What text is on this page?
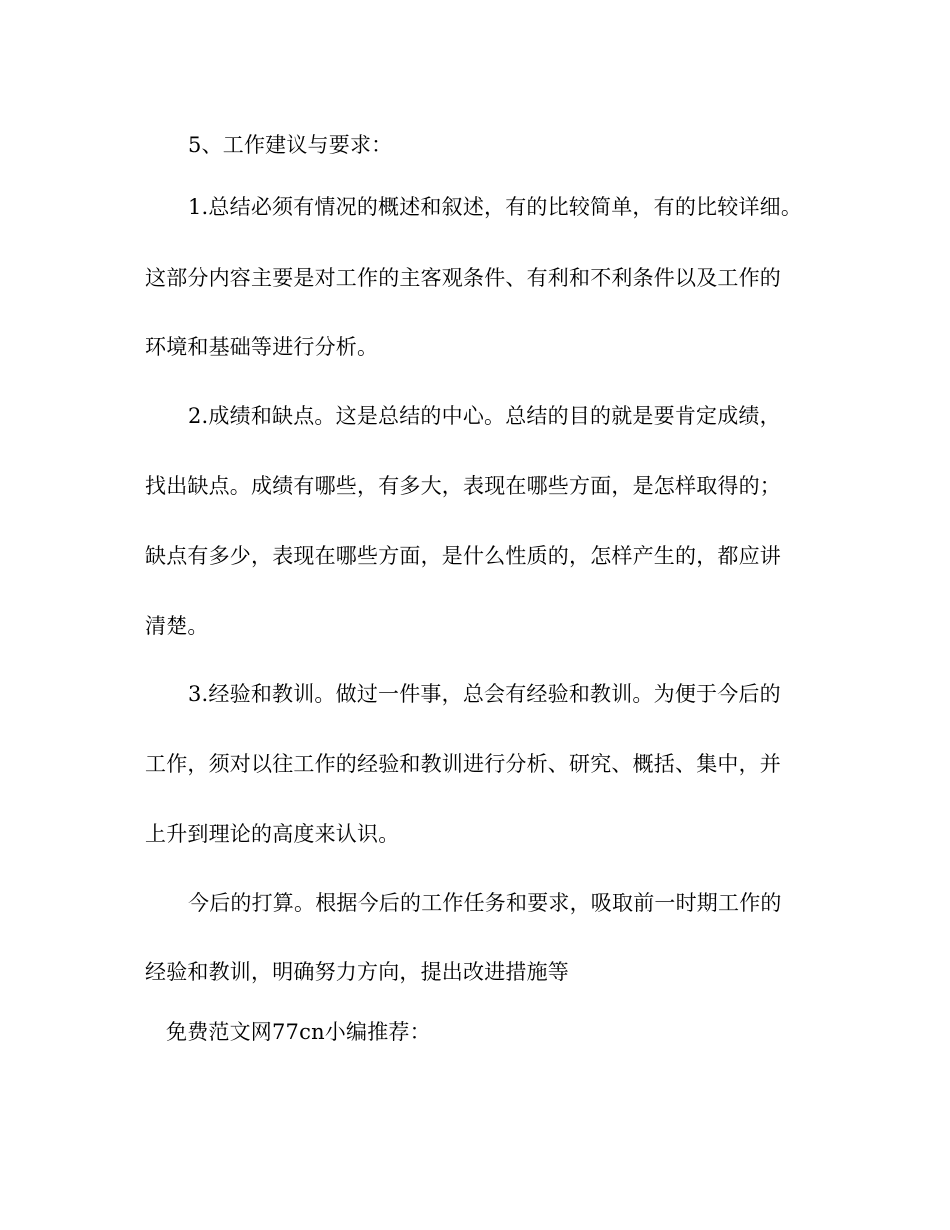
5、工作建议与要求：
1.总结必须有情况的概述和叙述，有的比较简单，有的比较详细。
这部分内容主要是对工作的主客观条件、有利和不利条件以及工作的
环境和基础等进行分析。
2.成绩和缺点。这是总结的中心。总结的目的就是要肯定成绩，
找出缺点。成绩有哪些，有多大，表现在哪些方面，是怎样取得的；
缺点有多少，表现在哪些方面，是什么性质的，怎样产生的，都应讲
清楚。
3.经验和教训。做过一件事，总会有经验和教训。为便于今后的
工作，须对以往工作的经验和教训进行分析、研究、概括、集中，并
上升到理论的高度来认识。
今后的打算。根据今后的工作任务和要求，吸取前一时期工作的
经验和教训，明确努力方向，提出改进措施等
免费范文网77cn小编推荐：
